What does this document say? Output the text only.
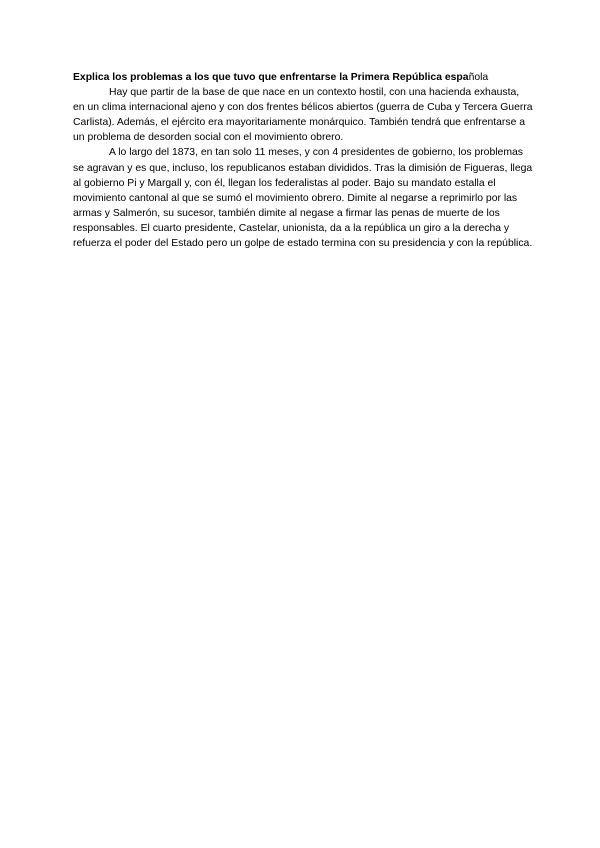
Explica los problemas a los que tuvo que enfrentarse la Primera República española

Hay que partir de la base de que nace en un contexto hostil, con una hacienda exhausta, en un clima internacional ajeno y con dos frentes bélicos abiertos (guerra de Cuba y Tercera Guerra Carlista). Además, el ejército era mayoritariamente monárquico. También tendrá que enfrentarse a un problema de desorden social con el movimiento obrero.

A lo largo del 1873, en tan solo 11 meses, y con 4 presidentes de gobierno, los problemas se agravan y es que, incluso, los republicanos estaban divididos. Tras la dimisión de Figueras, llega al gobierno Pi y Margall y, con él, llegan los federalistas al poder. Bajo su mandato estalla el movimiento cantonal al que se sumó el movimiento obrero. Dimite al negarse a reprimirlo por las armas y Salmerón, su sucesor, también dimite al negase a firmar las penas de muerte de los responsables. El cuarto presidente, Castelar, unionista, da a la república un giro a la derecha y refuerza el poder del Estado pero un golpe de estado termina con su presidencia y con la república.
